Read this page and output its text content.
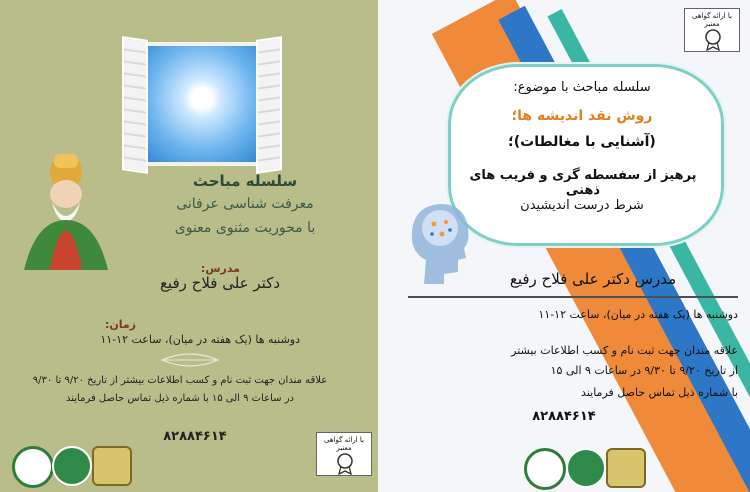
سلسله مباحث
معرفت شناسی عرفانی
با محوریت مثنوی معنوی
مدرس:
دکتر علی فلاح رفیع
زمان:
دوشنبه ها (یک هفته در میان)، ساعت ۱۲-۱۱
علاقه مندان جهت ثبت نام و کسب اطلاعات بیشتر از تاریخ ۹/۲۰ تا ۹/۳۰
در ساعات ۹ الی ۱۵ با شماره ذیل تماس حاصل فرمایند
۸۲۸۸۴۶۱۴	با ارائه گواهی
معتبر
با ارائه گواهی
معتبر
سلسله مباحث با موضوع:
روش نقد اندیشه ها؛
(آشنایی با مغالطات)؛
پرهیز از سفسطه گری و فریب های ذهنی
شرط درست اندیشیدن
مدرس دکتر علی فلاح رفیع
دوشنبه ها (یک هفته در میان)، ساعت ۱۲-۱۱
علاقه مندان جهت ثبت نام و کسب اطلاعات بیشتر
از تاریخ ۹/۲۰ تا ۹/۳۰ در ساعات ۹ الی ۱۵
با شماره ذیل تماس حاصل فرمایند
۸۲۸۸۴۶۱۴
